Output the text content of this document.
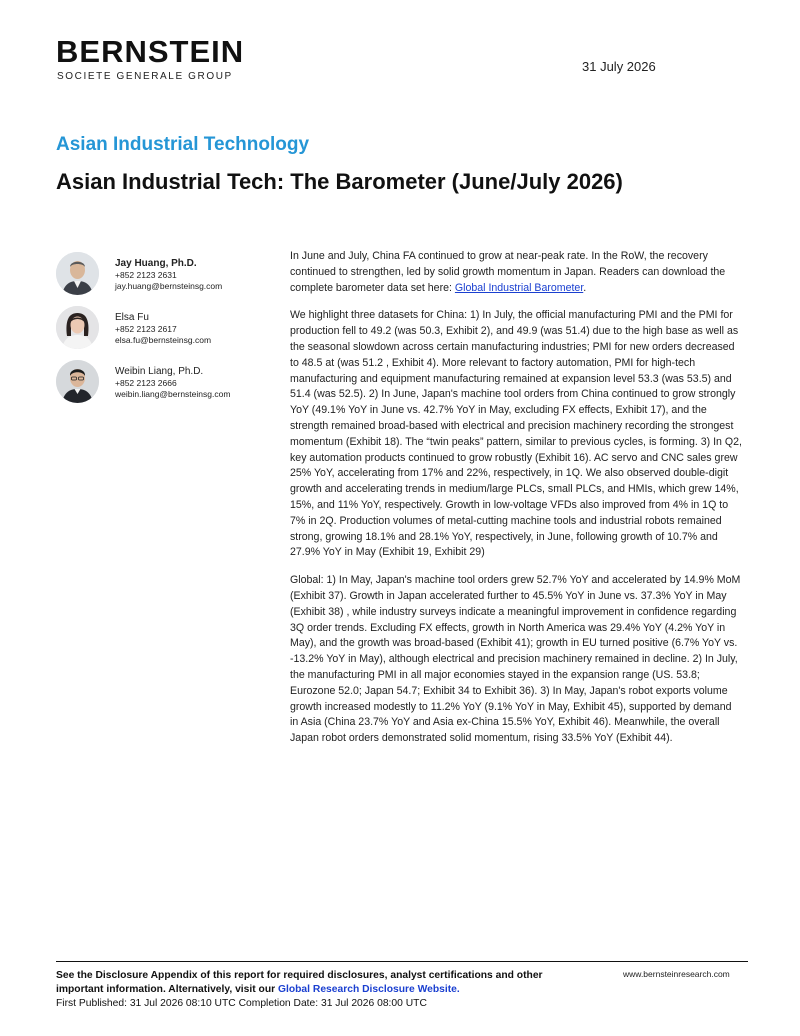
BERNSTEIN
SOCIETE GENERALE GROUP
31 July 2026
Asian Industrial Technology
Asian Industrial Tech: The Barometer (June/July 2026)
Jay Huang, Ph.D.
+852 2123 2631
jay.huang@bernsteinsg.com
Elsa Fu
+852 2123 2617
elsa.fu@bernsteinsg.com
Weibin Liang, Ph.D.
+852 2123 2666
weibin.liang@bernsteinsg.com

In June and July, China FA continued to grow at near-peak rate. In the RoW, the recovery continued to strengthen, led by solid growth momentum in Japan. Readers can download the complete barometer data set here: Global Industrial Barometer.

We highlight three datasets for China: 1) In July, the official manufacturing PMI and the PMI for production fell to 49.2 (was 50.3, Exhibit 2), and 49.9 (was 51.4) due to the high base as well as the seasonal slowdown across certain manufacturing industries; PMI for new orders decreased to 48.5 at (was 51.2 , Exhibit 4). More relevant to factory automation, PMI for high-tech manufacturing and equipment manufacturing remained at expansion level 53.3 (was 53.5) and 51.4 (was 52.5). 2) In June, Japan's machine tool orders from China continued to grow strongly YoY (49.1% YoY in June vs. 42.7% YoY in May, excluding FX effects, Exhibit 17), and the strength remained broad-based with electrical and precision machinery recording the strongest momentum (Exhibit 18). The “twin peaks” pattern, similar to previous cycles, is forming. 3) In Q2, key automation products continued to grow robustly (Exhibit 16). AC servo and CNC sales grew 25% YoY, accelerating from 17% and 22%, respectively, in 1Q. We also observed double-digit growth and accelerating trends in medium/large PLCs, small PLCs, and HMIs, which grew 14%, 15%, and 11% YoY, respectively. Growth in low-voltage VFDs also improved from 4% in 1Q to 7% in 2Q. Production volumes of metal-cutting machine tools and industrial robots remained strong, growing 18.1% and 28.1% YoY, respectively, in June, following growth of 10.7% and 27.9% YoY in May (Exhibit 19, Exhibit 29)

Global: 1) In May, Japan's machine tool orders grew 52.7% YoY and accelerated by 14.9% MoM (Exhibit 37). Growth in Japan accelerated further to 45.5% YoY in June vs. 37.3% YoY in May (Exhibit 38) , while industry surveys indicate a meaningful improvement in confidence regarding 3Q order trends. Excluding FX effects, growth in North America was 29.4% YoY (4.2% YoY in May), and the growth was broad-based (Exhibit 41); growth in EU turned positive (6.7% YoY vs. -13.2% YoY in May), although electrical and precision machinery remained in decline. 2) In July, the manufacturing PMI in all major economies stayed in the expansion range (US. 53.8; Eurozone 52.0; Japan 54.7; Exhibit 34 to Exhibit 36). 3) In May, Japan's robot exports volume growth increased modestly to 11.2% YoY (9.1% YoY in May, Exhibit 45), supported by demand in Asia (China 23.7% YoY and Asia ex-China 15.5% YoY, Exhibit 46). Meanwhile, the overall Japan robot orders demonstrated solid momentum, rising 33.5% YoY (Exhibit 44).

See the Disclosure Appendix of this report for required disclosures, analyst certifications and other
important information. Alternatively, visit our Global Research Disclosure Website.
First Published: 31 Jul 2026 08:10 UTC Completion Date: 31 Jul 2026 08:00 UTC
www.bernsteinresearch.com
